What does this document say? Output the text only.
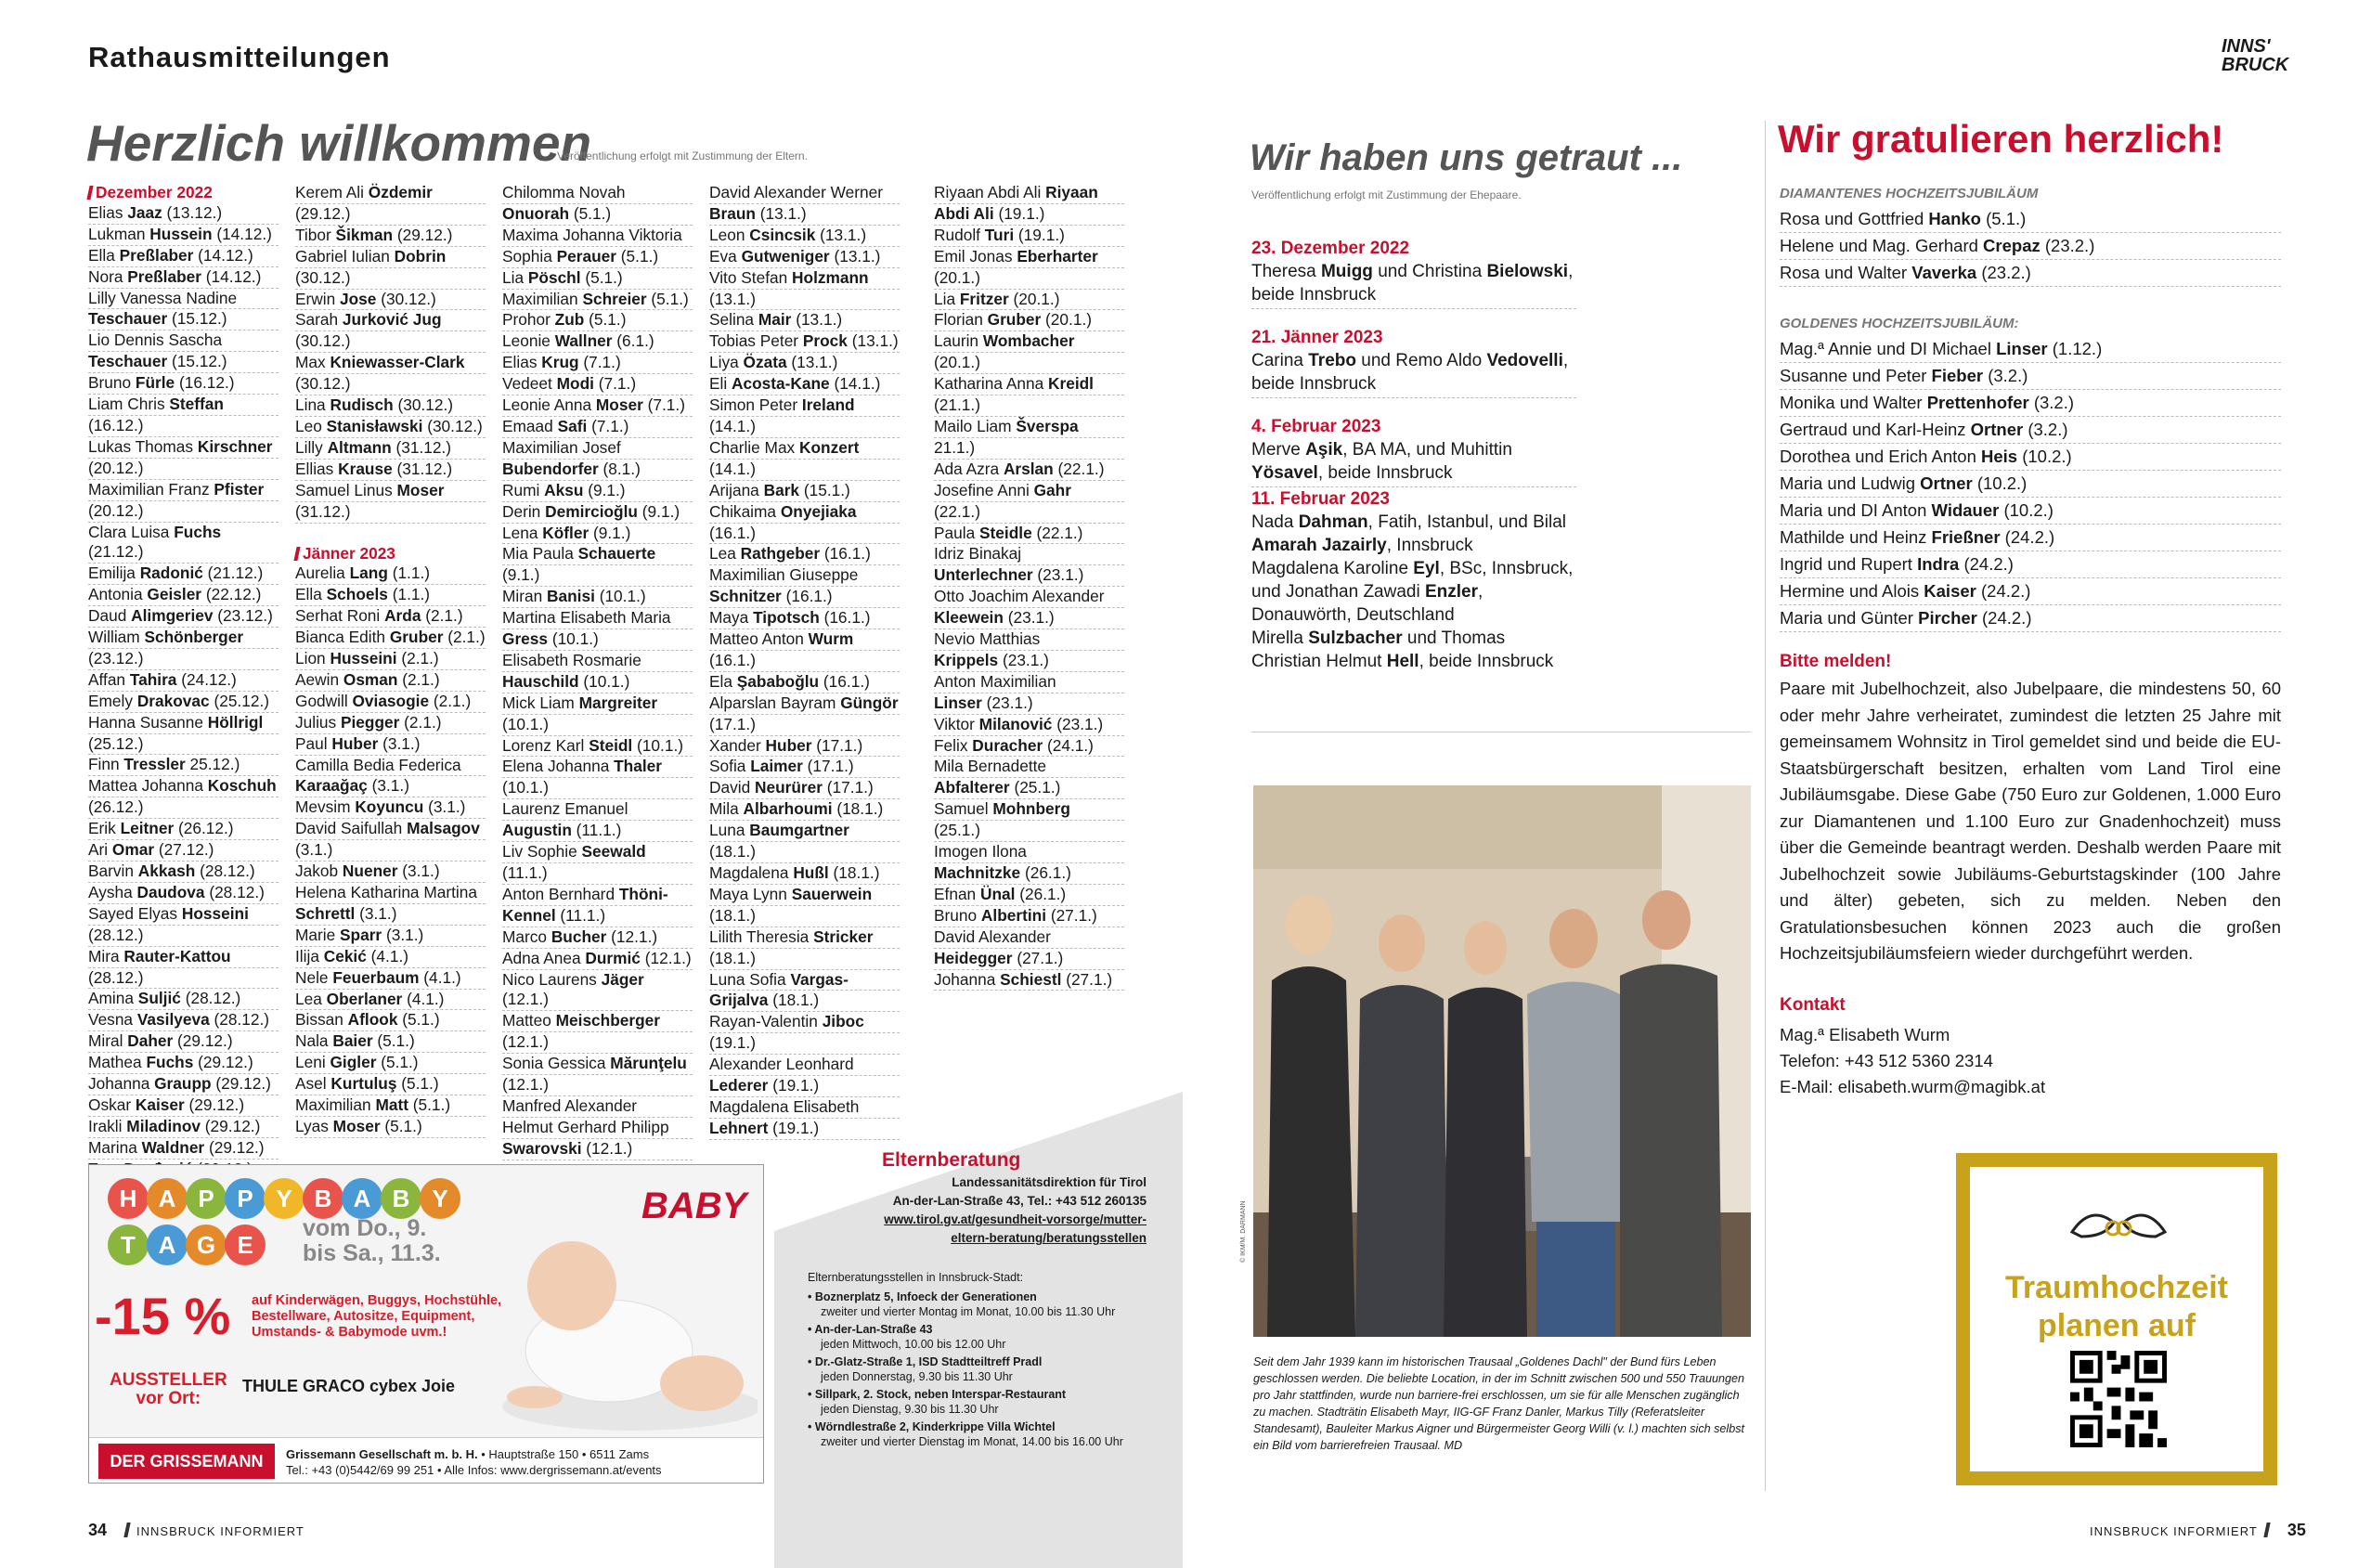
Rathausmitteilungen	INNS'
BRUCK
Herzlich willkommen
Veröffentlichung erfolgt mit Zustimmung der Eltern.
Dezember 2022
Elias Jaaz (13.12.)
Lukman Hussein (14.12.)
Ella Preßlaber (14.12.)
Nora Preßlaber (14.12.)
Lilly Vanessa Nadine
Teschauer (15.12.)
Lio Dennis Sascha
Teschauer (15.12.)
Bruno Fürle (16.12.)
Liam Chris Steffan
(16.12.)
Lukas Thomas Kirschner
(20.12.)
Maximilian Franz Pfister
(20.12.)
Clara Luisa Fuchs (21.12.)
Emilija Radonić (21.12.)
Antonia Geisler (22.12.)
Daud Alimgeriev (23.12.)
William Schönberger
(23.12.)
Affan Tahira (24.12.)
Emely Drakovac (25.12.)
Hanna Susanne Höllrigl
(25.12.)
Finn Tressler 25.12.)
Mattea Johanna Koschuh
(26.12.)
Erik Leitner (26.12.)
Ari Omar (27.12.)
Barvin Akkash (28.12.)
Aysha Daudova (28.12.)
Sayed Elyas Hosseini
(28.12.)
Mira Rauter-Kattou
(28.12.)
Amina Suljić (28.12.)
Vesna Vasilyeva (28.12.)
Miral Daher (29.12.)
Mathea Fuchs (29.12.)
Johanna Graupp (29.12.)
Oskar Kaiser (29.12.)
Irakli Miladinov (29.12.)
Marina Waldner (29.12.)
Kerem Ali Özdemir
(29.12.)
Tibor Šikman (29.12.)
Gabriel Iulian Dobrin
(30.12.)
Erwin Jose (30.12.)
Sarah Jurković Jug
(30.12.)
Max Kniewasser-Clark
(30.12.)
Lina Rudisch (30.12.)
Leo Stanisławski (30.12.)
Lilly Altmann (31.12.)
Ellias Krause (31.12.)
Samuel Linus Moser
(31.12.)
Jänner 2023
Aurelia Lang (1.1.)
Ella Schoels (1.1.)
Serhat Roni Arda (2.1.)
Bianca Edith Gruber (2.1.)
Lion Husseini (2.1.)
Aewin Osman (2.1.)
Godwill Oviasogie (2.1.)
Julius Piegger (2.1.)
Paul Huber (3.1.)
Camilla Bedia Federica
Karaağaç (3.1.)
Mevsim Koyuncu (3.1.)
David Saifullah Malsagov
(3.1.)
Jakob Nuener (3.1.)
Helena Katharina Martina
Schrettl (3.1.)
Marie Sparr (3.1.)
Ilija Cekić (4.1.)
Nele Feuerbaum (4.1.)
Lea Oberlaner (4.1.)
Bissan Aflook (5.1.)
Nala Baier (5.1.)
Leni Gigler (5.1.)
Asel Kurtuluş (5.1.)
Maximilian Matt (5.1.)
Lyas Moser (5.1.)
Chilomma Novah
Onuorah (5.1.)
Maxima Johanna Viktoria
Sophia Perauer (5.1.)
Lia Pöschl (5.1.)
Maximilian Schreier (5.1.)
Prohor Zub (5.1.)
Leonie Wallner (6.1.)
Elias Krug (7.1.)
Vedeet Modi (7.1.)
Leonie Anna Moser (7.1.)
Emaad Safi (7.1.)
Maximilian Josef
Bubendorfer (8.1.)
Rumi Aksu (9.1.)
Derin Demircioğlu (9.1.)
Lena Köfler (9.1.)
Mia Paula Schauerte
(9.1.)
Miran Banisi (10.1.)
Martina Elisabeth Maria
Gress (10.1.)
Elisabeth Rosmarie
Hauschild (10.1.)
Mick Liam Margreiter
(10.1.)
Lorenz Karl Steidl (10.1.)
Elena Johanna Thaler
(10.1.)
Laurenz Emanuel
Augustin (11.1.)
Liv Sophie Seewald
(11.1.)
Anton Bernhard Thöni-
Kennel (11.1.)
Marco Bucher (12.1.)
Adna Anea Durmić (12.1.)
Nico Laurens Jäger (12.1.)
Matteo Meischberger
(12.1.)
Sonia Gessica Mărunţelu
(12.1.)
Manfred Alexander
Helmut Gerhard Philipp
Swarovski (12.1.)
David Alexander Werner
Braun (13.1.)
Leon Csincsik (13.1.)
Eva Gutweniger (13.1.)
Vito Stefan Holzmann
(13.1.)
Selina Mair (13.1.)
Tobias Peter Prock (13.1.)
Liya Özata (13.1.)
Eli Acosta-Kane (14.1.)
Simon Peter Ireland
(14.1.)
Charlie Max Konzert
(14.1.)
Arijana Bark (15.1.)
Chikaima Onyejiaka
(16.1.)
Lea Rathgeber (16.1.)
Maximilian Giuseppe
Schnitzer (16.1.)
Maya Tipotsch (16.1.)
Matteo Anton Wurm
(16.1.)
Ela Şababoğlu (16.1.)
Alparslan Bayram Güngör
(17.1.)
Xander Huber (17.1.)
Sofia Laimer (17.1.)
David Neurürer (17.1.)
Mila Albarhoumi (18.1.)
Luna Baumgartner
(18.1.)
Magdalena Hußl (18.1.)
Maya Lynn Sauerwein
(18.1.)
Lilith Theresia Stricker
(18.1.)
Luna Sofia Vargas-
Grijalva (18.1.)
Rayan-Valentin Jiboc
(19.1.)
Alexander Leonhard
Lederer (19.1.)
Magdalena Elisabeth
Lehnert (19.1.)
Riyaan Abdi Ali Riyaan
Abdi Ali (19.1.)
Rudolf Turi (19.1.)
Emil Jonas Eberharter
(20.1.)
Lia Fritzer (20.1.)
Florian Gruber (20.1.)
Laurin Wombacher
(20.1.)
Katharina Anna Kreidl
(21.1.)
Mailo Liam Šverspa
21.1.)
Ada Azra Arslan (22.1.)
Josefine Anni Gahr
(22.1.)
Paula Steidle (22.1.)
Idriz Binakaj
Unterlechner (23.1.)
Otto Joachim Alexander
Kleewein (23.1.)
Nevio Matthias
Krippels (23.1.)
Anton Maximilian
Linser (23.1.)
Viktor Milanović (23.1.)
Felix Duracher (24.1.)
Mila Bernadette
Abfalterer (25.1.)
Samuel Mohnberg
(25.1.)
Imogen Ilona
Machnitzke (26.1.)
Efnan Ünal (26.1.)
Bruno Albertini (27.1.)
David Alexander
Heidegger (27.1.)
Johanna Schiestl (27.1.)
H A P P Y B A B Y
T A G E
vom Do., 9.
bis Sa., 11.3.
BABY
-15 % auf Kinderwägen, Buggys, Hochstühle, Bestellware, Autositze, Equipment, Umstands- & Babymode uvm.!
AUSSTELLER
vor Ort:
THULE GRACO cybex Joie
DER GRISSEMANN	Grissemann Gesellschaft m. b. H. • Hauptstraße 150 • 6511 Zams
Tel.: +43 (0)5442/69 99 251 • Alle Infos: www.dergrissemann.at/events
Elternberatung
Landessanitätsdirektion für Tirol
An-der-Lan-Straße 43, Tel.: +43 512 260135
www.tirol.gv.at/gesundheit-vorsorge/mutter-
eltern-beratung/beratungsstellen
Elternberatungsstellen in Innsbruck-Stadt:
• Boznerplatz 5, Infoeck der Generationen
zweiter und vierter Montag im Monat, 10.00 bis 11.30 Uhr
• An-der-Lan-Straße 43
jeden Mittwoch, 10.00 bis 12.00 Uhr
• Dr.-Glatz-Straße 1, ISD Stadtteiltreff Pradl
jeden Donnerstag, 9.30 bis 11.30 Uhr
• Sillpark, 2. Stock, neben Interspar-Restaurant
jeden Dienstag, 9.30 bis 11.30 Uhr
• Wörndlestraße 2, Kinderkrippe Villa Wichtel
zweiter und vierter Dienstag im Monat, 14.00 bis 16.00 Uhr
Wir haben uns getraut ...
Veröffentlichung erfolgt mit Zustimmung der Ehepaare.
23. Dezember 2022
Theresa Muigg und Christina Bielowski, beide Innsbruck
21. Jänner 2023
Carina Trebo und Remo Aldo Vedovelli, beide Innsbruck
4. Februar 2023
Merve Aşik, BA MA, und Muhittin Yösavel, beide Innsbruck
11. Februar 2023
Nada Dahman, Fatih, Istanbul, und Bilal Amarah Jazairly, Innsbruck
Magdalena Karoline Eyl, BSc, Innsbruck, und Jonathan Zawadi Enzler, Donauwörth, Deutschland
Mirella Sulzbacher und Thomas Christian Helmut Hell, beide Innsbruck
© IKM/M. DARMANN
Seit dem Jahr 1939 kann im historischen Trausaal „Goldenes Dachl" der Bund fürs Leben geschlossen werden. Die beliebte Location, in der im Schnitt zwischen 500 und 550 Trauungen pro Jahr stattfinden, wurde nun barriere-frei erschlossen, um sie für alle Menschen zugänglich zu machen. Stadträtin Elisabeth Mayr, IIG-GF Franz Danler, Markus Tilly (Referatsleiter Standesamt), Bauleiter Markus Aigner und Bürgermeister Georg Willi (v. l.) machten sich selbst ein Bild vom barrierefreien Trausaal. MD
Wir gratulieren herzlich!
DIAMANTENES HOCHZEITSJUBILÄUM
Rosa und Gottfried Hanko (5.1.)
Helene und Mag. Gerhard Crepaz (23.2.)
Rosa und Walter Vaverka (23.2.)
GOLDENES HOCHZEITSJUBILÄUM:
Mag.ª Annie und DI Michael Linser (1.12.)
Susanne und Peter Fieber (3.2.)
Monika und Walter Prettenhofer (3.2.)
Gertraud und Karl-Heinz Ortner (3.2.)
Dorothea und Erich Anton Heis (10.2.)
Maria und Ludwig Ortner (10.2.)
Maria und DI Anton Widauer (10.2.)
Mathilde und Heinz Frießner (24.2.)
Ingrid und Rupert Indra (24.2.)
Hermine und Alois Kaiser (24.2.)
Maria und Günter Pircher (24.2.)
Bitte melden!
Paare mit Jubelhochzeit, also Jubelpaare, die mindestens 50, 60 oder mehr Jahre verheiratet, zumindest die letzten 25 Jahre mit gemeinsamem Wohnsitz in Tirol gemeldet sind und beide die EU-Staatsbürgerschaft besitzen, erhalten vom Land Tirol eine Jubiläumsgabe. Diese Gabe (750 Euro zur Goldenen, 1.000 Euro zur Diamantenen und 1.100 Euro zur Gnadenhochzeit) muss über die Gemeinde beantragt werden. Deshalb werden Paare mit Jubelhochzeit sowie Jubiläums-Geburtstagskinder (100 Jahre und älter) gebeten, sich zu melden. Neben den Gratulationsbesuchen können 2023 auch die großen Hochzeitsjubiläumsfeiern wieder durchgeführt werden.
Kontakt
Mag.ª Elisabeth Wurm
Telefon: +43 512 5360 2314
E-Mail: elisabeth.wurm@magibk.at
Traumhochzeit
planen auf
34 INNSBRUCK INFORMIERT	INNSBRUCK INFORMIERT 35
